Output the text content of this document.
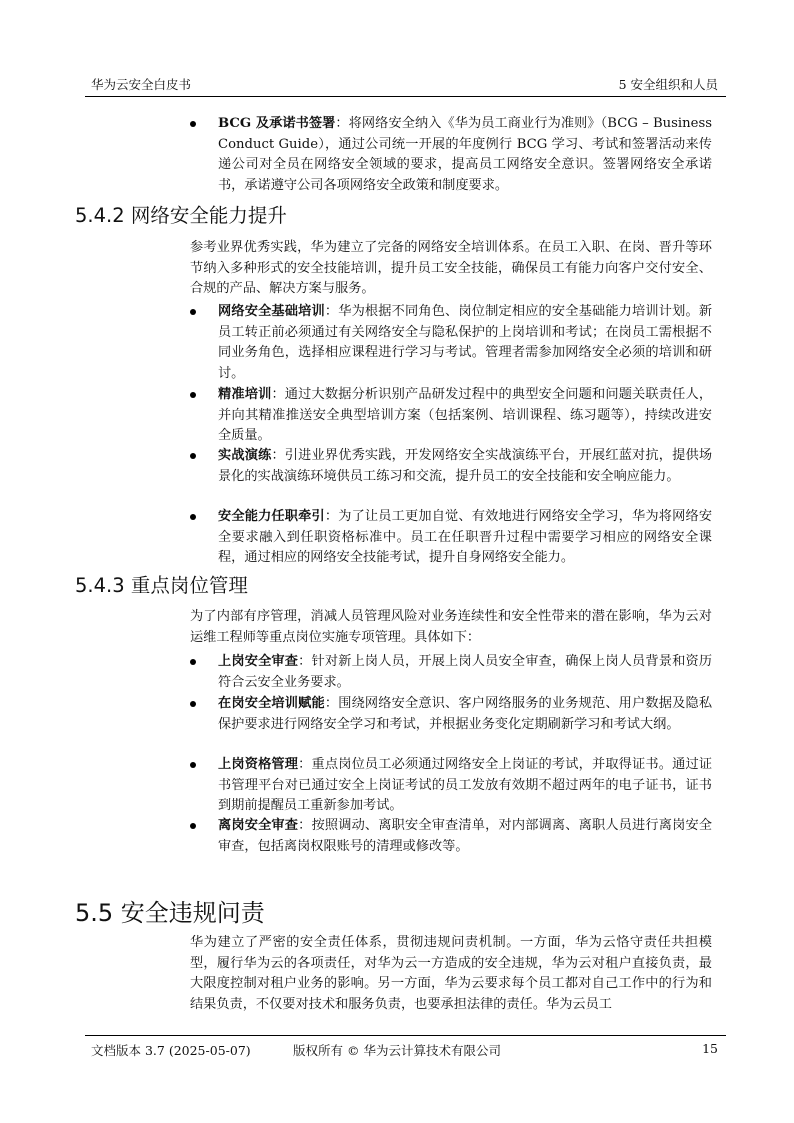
华为云安全白皮书	5 安全组织和人员

BCG 及承诺书签署：将网络安全纳入《华为员工商业行为准则》（BCG – Business Conduct Guide），通过公司统一开展的年度例行 BCG 学习、考试和签署活动来传递公司对全员在网络安全领域的要求，提高员工网络安全意识。签署网络安全承诺书，承诺遵守公司各项网络安全政策和制度要求。

5.4.2 网络安全能力提升

参考业界优秀实践，华为建立了完备的网络安全培训体系。在员工入职、在岗、晋升等环节纳入多种形式的安全技能培训，提升员工安全技能，确保员工有能力向客户交付安全、合规的产品、解决方案与服务。

网络安全基础培训：华为根据不同角色、岗位制定相应的安全基础能力培训计划。新员工转正前必须通过有关网络安全与隐私保护的上岗培训和考试；在岗员工需根据不同业务角色，选择相应课程进行学习与考试。管理者需参加网络安全必须的培训和研讨。

精准培训：通过大数据分析识别产品研发过程中的典型安全问题和问题关联责任人，并向其精准推送安全典型培训方案（包括案例、培训课程、练习题等），持续改进安全质量。

实战演练：引进业界优秀实践，开发网络安全实战演练平台，开展红蓝对抗，提供场景化的实战演练环境供员工练习和交流，提升员工的安全技能和安全响应能力。

安全能力任职牵引：为了让员工更加自觉、有效地进行网络安全学习，华为将网络安全要求融入到任职资格标准中。员工在任职晋升过程中需要学习相应的网络安全课程，通过相应的网络安全技能考试，提升自身网络安全能力。

5.4.3 重点岗位管理

为了内部有序管理，消减人员管理风险对业务连续性和安全性带来的潜在影响，华为云对运维工程师等重点岗位实施专项管理。具体如下：

上岗安全审查：针对新上岗人员，开展上岗人员安全审查，确保上岗人员背景和资历符合云安全业务要求。

在岗安全培训赋能：围绕网络安全意识、客户网络服务的业务规范、用户数据及隐私保护要求进行网络安全学习和考试，并根据业务变化定期刷新学习和考试大纲。

上岗资格管理：重点岗位员工必须通过网络安全上岗证的考试，并取得证书。通过证书管理平台对已通过安全上岗证考试的员工发放有效期不超过两年的电子证书，证书到期前提醒员工重新参加考试。

离岗安全审查：按照调动、离职安全审查清单，对内部调离、离职人员进行离岗安全审查，包括离岗权限账号的清理或修改等。

5.5 安全违规问责

华为建立了严密的安全责任体系，贯彻违规问责机制。一方面，华为云恪守责任共担模型，履行华为云的各项责任，对华为云一方造成的安全违规，华为云对租户直接负责，最大限度控制对租户业务的影响。另一方面，华为云要求每个员工都对自己工作中的行为和结果负责，不仅要对技术和服务负责，也要承担法律的责任。华为云员工

文档版本 3.7 (2025-05-07)	版权所有 © 华为云计算技术有限公司	15
